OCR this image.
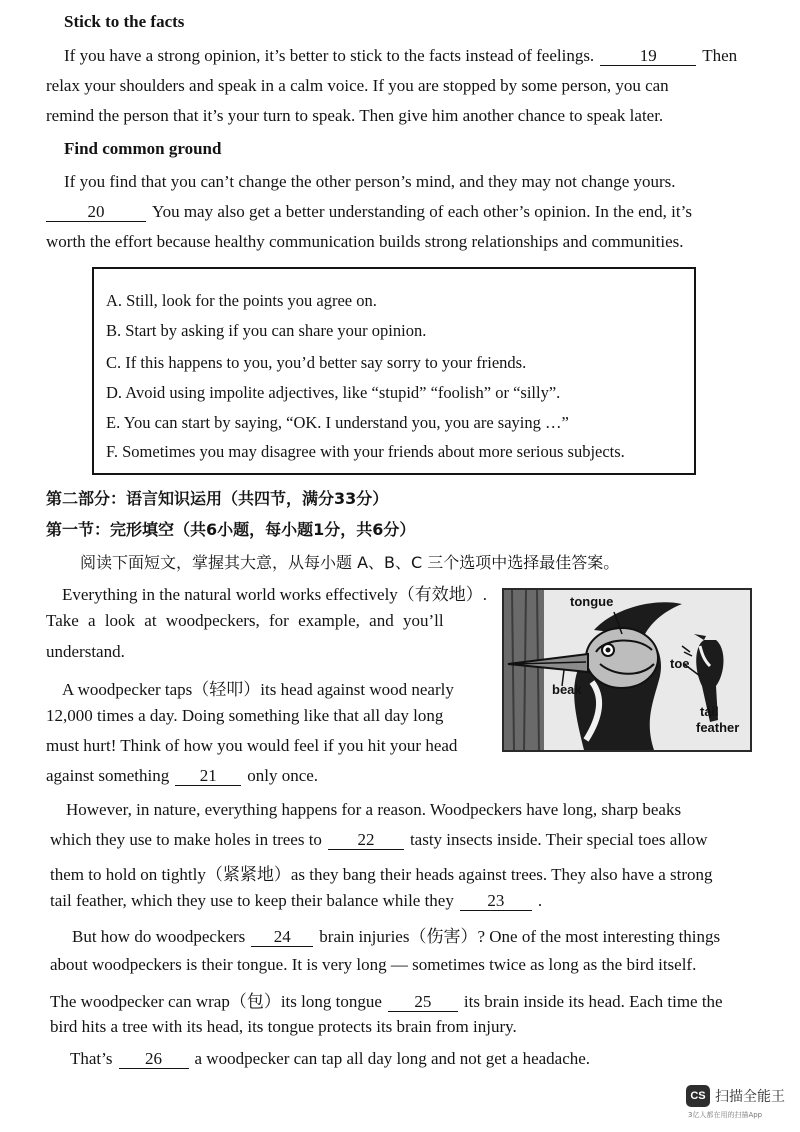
Stick to the facts
If you have a strong opinion, it’s better to stick to the facts instead of feelings.	19	Then
relax your shoulders and speak in a calm voice. If you are stopped by some person, you can
remind the person that it’s your turn to speak. Then give him another chance to speak later.
Find common ground
If you find that you can’t change the other person’s mind, and they may not change yours.
20	You may also get a better understanding of each other’s opinion. In the end, it’s
worth the effort because healthy communication builds strong relationships and communities.
A. Still, look for the points you agree on.
B. Start by asking if you can share your opinion.
C. If this happens to you, you’d better say sorry to your friends.
D. Avoid using impolite adjectives, like “stupid” “foolish” or “silly”.
E. You can start by saying, “OK. I understand you, you are saying …”
F. Sometimes you may disagree with your friends about more serious subjects.
第二部分：语言知识运用（共四节，满分33分）
第一节：完形填空（共6小题，每小题1分，共6分）
阅读下面短文，掌握其大意，从每小题 A、B、C 三个选项中选择最佳答案。
Everything in the natural world works effectively（有效地）.
Take a look at woodpeckers, for example, and you’ll
understand.
A woodpecker taps（轻叩）its head against wood nearly
12,000 times a day. Doing something like that all day long
must hurt! Think of how you would feel if you hit your head
against something 21 only once.
However, in nature, everything happens for a reason. Woodpeckers have long, sharp beaks
which they use to make holes in trees to 22 tasty insects inside. Their special toes allow
them to hold on tightly（紧紧地）as they bang their heads against trees. They also have a strong
tail feather, which they use to keep their balance while they 23 .
But how do woodpeckers 24 brain injuries（伤害）? One of the most interesting things
about woodpeckers is their tongue. It is very long — sometimes twice as long as the bird itself.
The woodpecker can wrap（包）its long tongue 25 its brain inside its head. Each time the
bird hits a tree with its head, its tongue protects its brain from injury.
That’s 26 a woodpecker can tap all day long and not get a headache.
tongue
toe
beak
tail
feather
CS 扫描全能王
3亿人都在用的扫描App
